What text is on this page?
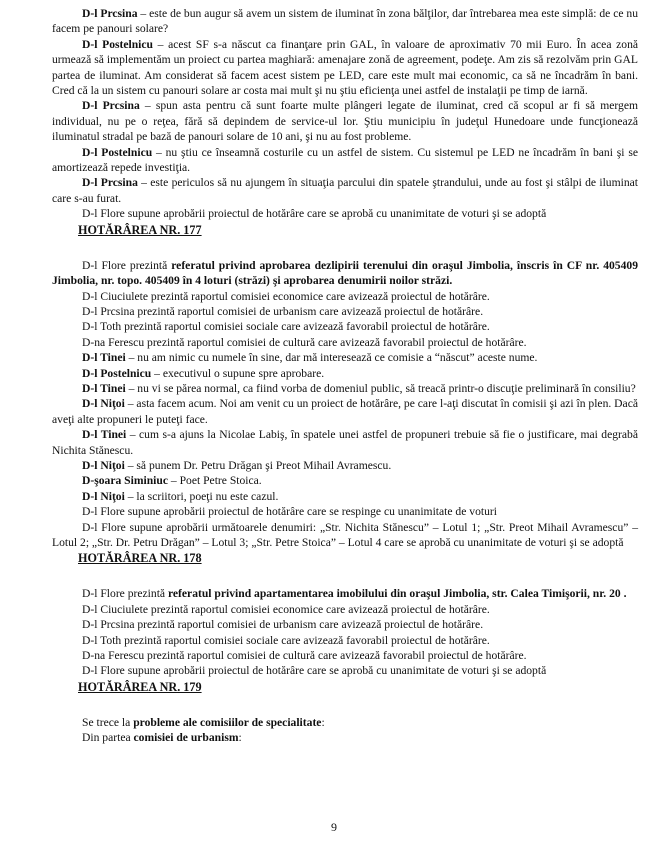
D-l Prcsina – este de bun augur să avem un sistem de iluminat în zona bălţilor, dar întrebarea mea este simplă: de ce nu facem pe panouri solare?

D-l Postelnicu – acest SF s-a născut ca finanţare prin GAL, în valoare de aproximativ 70 mii Euro. În acea zonă urmează să implementăm un proiect cu partea maghiară: amenajare zonă de agreement, podeţe. Am zis să rezolvăm prin GAL partea de iluminat. Am considerat să facem acest sistem pe LED, care este mult mai economic, ca să ne încadrăm în bani. Cred că la un sistem cu panouri solare ar costa mai mult şi nu ştiu eficienţa unei astfel de instalaţii pe timp de iarnă.

D-l Prcsina – spun asta pentru că sunt foarte multe plângeri legate de iluminat, cred că scopul ar fi să mergem individual, nu pe o reţea, fără să depindem de service-ul lor. Ştiu municipiu în judeţul Hunedoare unde funcţionează iluminatul stradal pe bază de panouri solare de 10 ani, şi nu au fost probleme.

D-l Postelnicu – nu ştiu ce înseamnă costurile cu un astfel de sistem. Cu sistemul pe LED ne încadrăm în bani şi se amortizează repede investiţia.

D-l Prcsina – este periculos să nu ajungem în situaţia parcului din spatele ştrandului, unde au fost şi stâlpi de iluminat care s-au furat.

D-l Flore supune aprobării proiectul de hotărâre care se aprobă cu unanimitate de voturi şi se adoptă

HOTĂRÂREA NR. 177

D-l Flore prezintă referatul privind aprobarea dezlipirii terenului din oraşul Jimbolia, înscris în CF nr. 405409 Jimbolia, nr. topo. 405409 în 4 loturi (străzi) şi aprobarea denumirii noilor străzi.

D-l Ciuciulete prezintă raportul comisiei economice care avizează proiectul de hotărâre.

D-l Prcsina prezintă raportul comisiei de urbanism care avizează proiectul de hotărâre.

D-l Toth prezintă raportul comisiei sociale care avizează favorabil proiectul de hotărâre.

D-na Ferescu prezintă raportul comisiei de cultură care avizează favorabil proiectul de hotărâre.

D-l Tinei – nu am nimic cu numele în sine, dar mă interesează ce comisie a “născut” aceste nume.

D-l Postelnicu – executivul o supune spre aprobare.

D-l Tinei – nu vi se părea normal, ca fiind vorba de domeniul public, să treacă printr-o discuţie preliminară în consiliu?

D-l Niţoi – asta facem acum. Noi am venit cu un proiect de hotărâre, pe care l-aţi discutat în comisii şi azi în plen. Dacă aveţi alte propuneri le puteţi face.

D-l Tinei – cum s-a ajuns la Nicolae Labiş, în spatele unei astfel de propuneri trebuie să fie o justificare, mai degrabă Nichita Stănescu.

D-l Niţoi – să punem Dr. Petru Drăgan şi Preot Mihail Avramescu.

D-şoara Siminiuc – Poet Petre Stoica.

D-l Niţoi – la scriitori, poeţi nu este cazul.

D-l Flore supune aprobării proiectul de hotărâre care se respinge cu unanimitate de voturi

D-l Flore supune aprobării următoarele denumiri: „Str. Nichita Stănescu” – Lotul 1; „Str. Preot Mihail Avramescu” – Lotul 2; „Str. Dr. Petru Drăgan” – Lotul 3; „Str. Petre Stoica” – Lotul 4 care se aprobă cu unanimitate de voturi şi se adoptă

HOTĂRÂREA NR. 178

D-l Flore prezintă referatul privind apartamentarea imobilului din oraşul Jimbolia, str. Calea Timişorii, nr. 20 .

D-l Ciuciulete prezintă raportul comisiei economice care avizează proiectul de hotărâre.

D-l Prcsina prezintă raportul comisiei de urbanism care avizează proiectul de hotărâre.

D-l Toth prezintă raportul comisiei sociale care avizează favorabil proiectul de hotărâre.

D-na Ferescu prezintă raportul comisiei de cultură care avizează favorabil proiectul de hotărâre.

D-l Flore supune aprobării proiectul de hotărâre care se aprobă cu unanimitate de voturi şi se adoptă

HOTĂRÂREA NR. 179

Se trece la probleme ale comisiilor de specialitate:

Din partea comisiei de urbanism:

9
